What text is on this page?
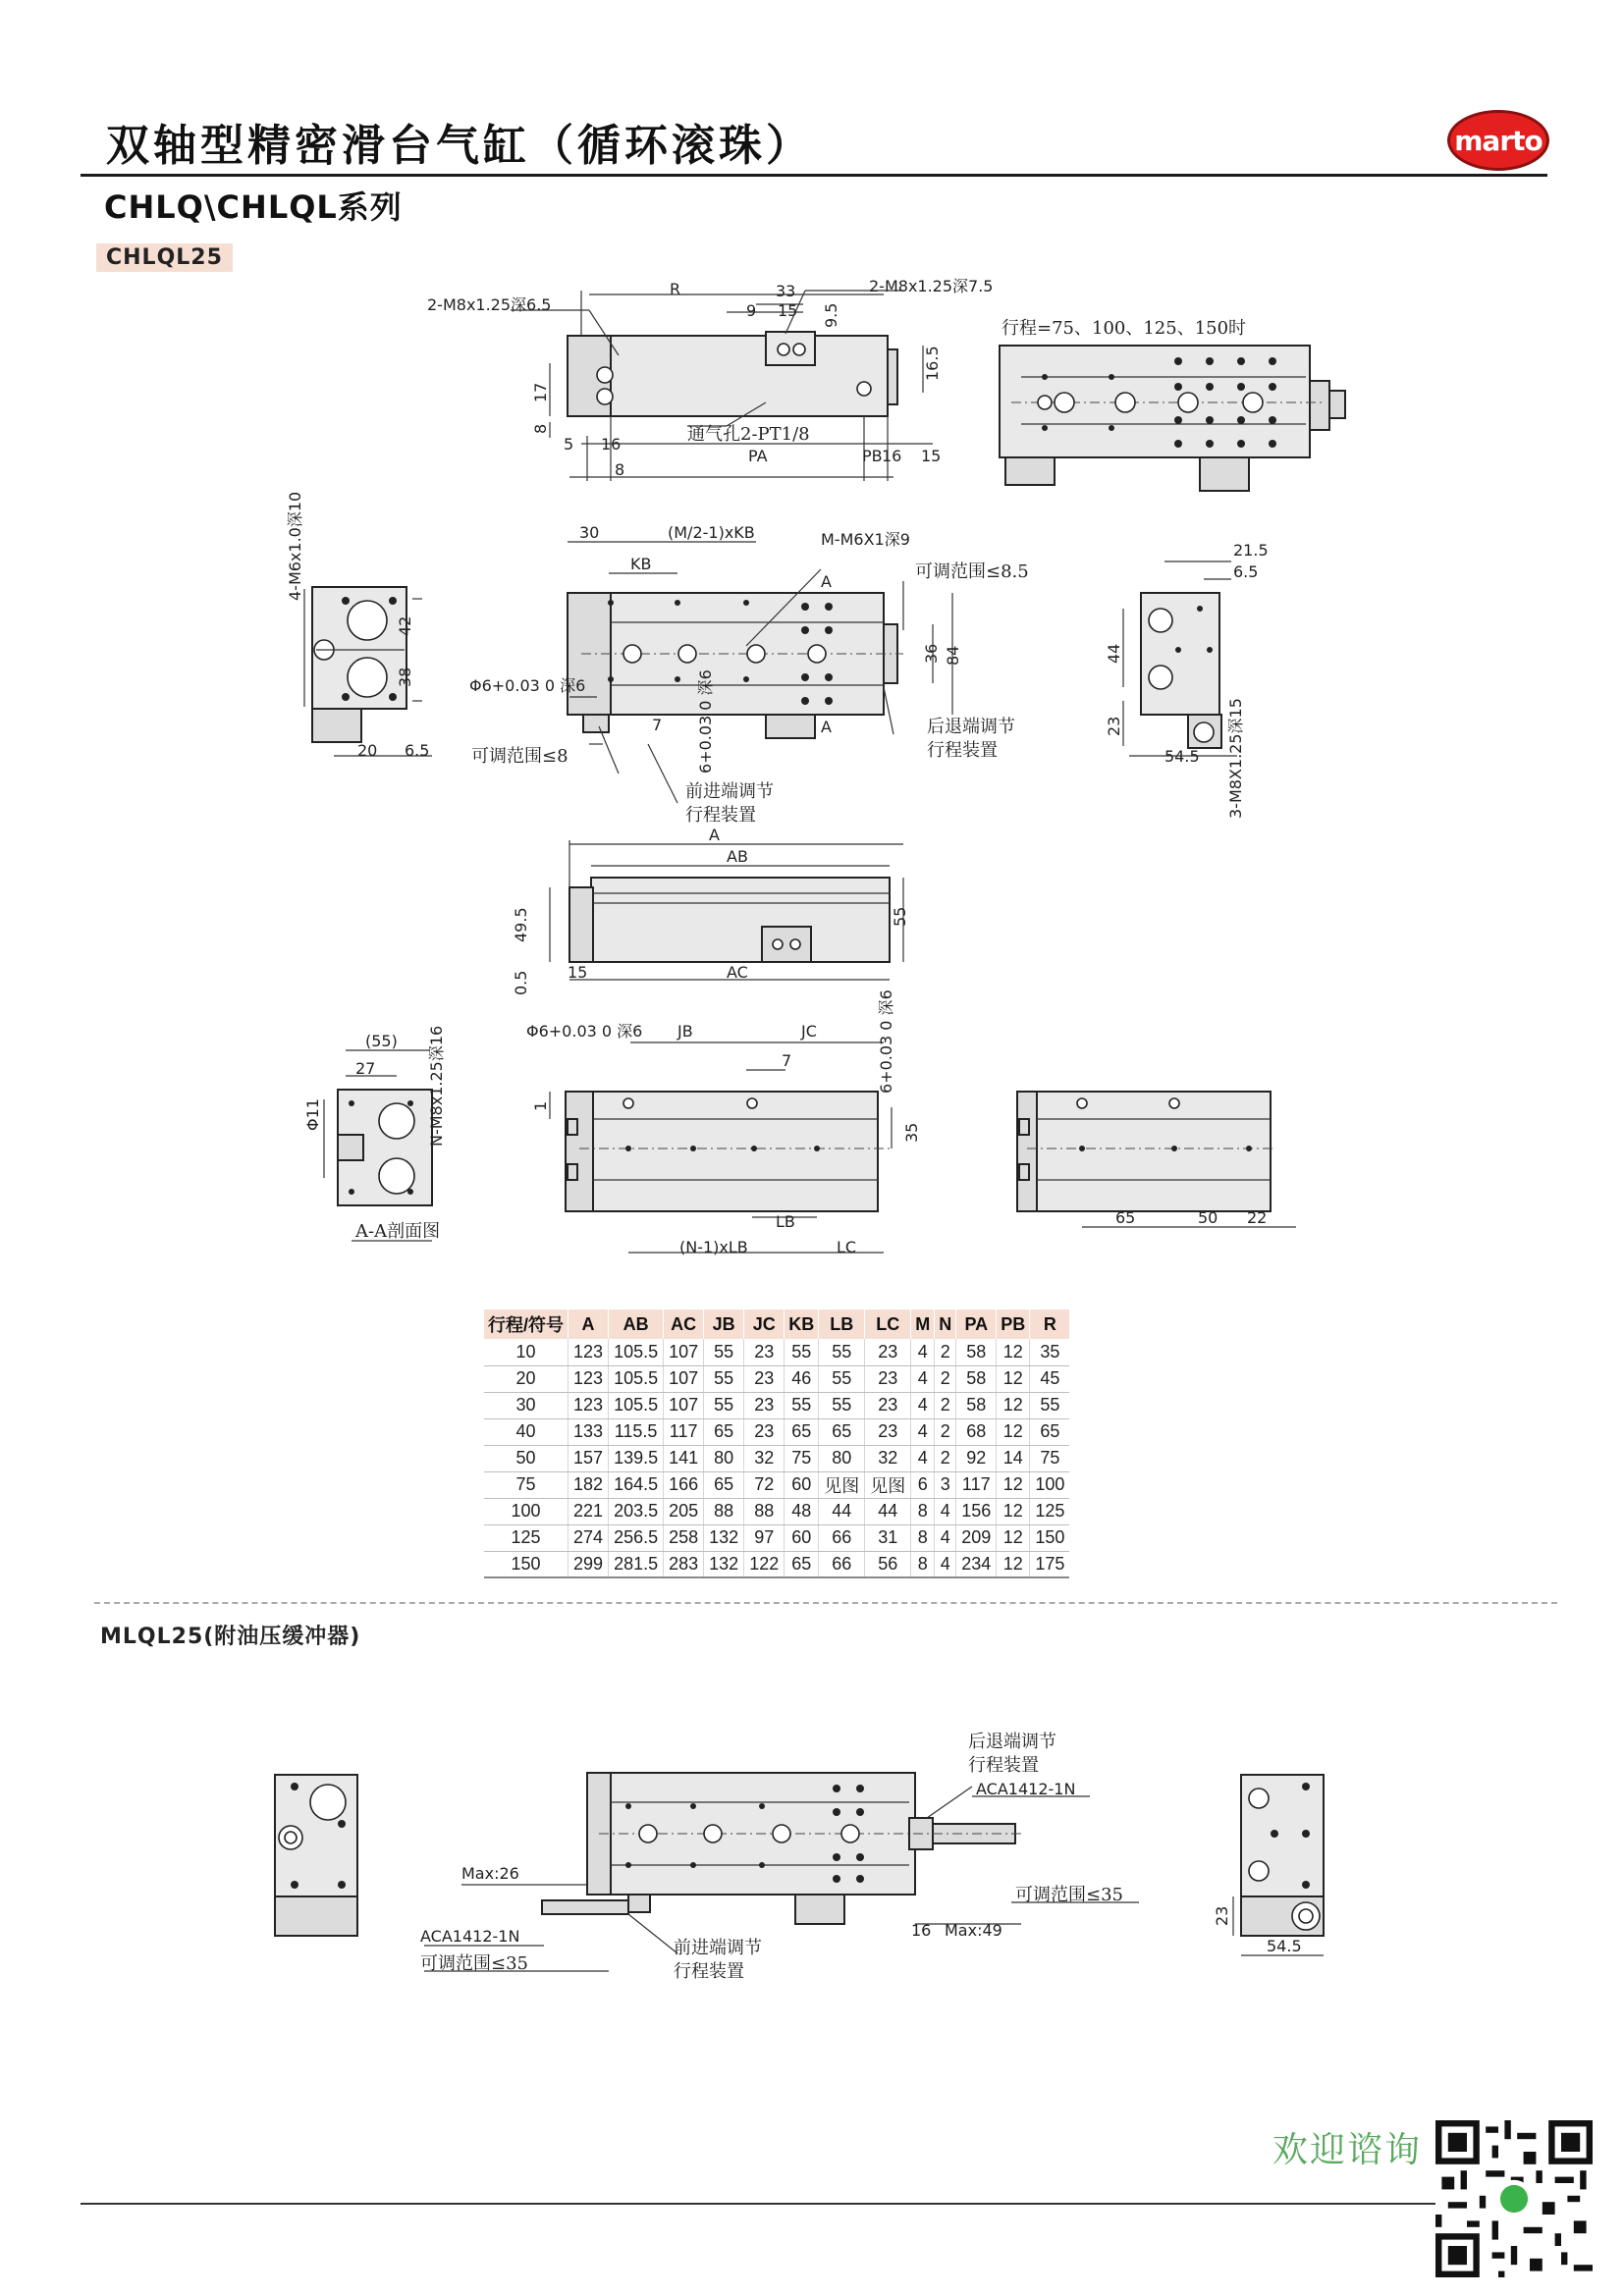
双轴型精密滑台气缸（循环滚珠）	marto
CHLQ\CHLQL系列
CHLQL25
2-M8x1.25深6.5
2-M8x1.25深7.5
R	33
9 15 9.5
16.5
17
8
5 16
8
通气孔2-PT1/8
PA	PB 16 15
行程=75、100、125、150时
4-M6x1.0深10
42
38
20 6.5
30	(M/2-1)xKB	M-M6X1深9
KB
A
A
可调范围≤8.5
36 84
Φ6+0.03 0 深6
7 6+0.03 0 深6
可调范围≤8
前进端调节
行程装置
后退端调节
行程装置
21.5
6.5
44
23
54.5 3-M8X1.25深15
A
AB
AC
15
49.5	55
0.5
(55)
27
Φ11	N-M8x1.25深16
A-A剖面图
Φ6+0.03 0 深6 JB	JC
7	6+0.03 0 深6
35
1
LB
(N-1)xLB	LC
65	50 22
行程/符号	A	AB	AC	JB	JC	KB	LB	LC	M	N	PA	PB	R
10	123	105.5	107	55	23	55	55	23	4	2	58	12	35
20	123	105.5	107	55	23	46	55	23	4	2	58	12	45
30	123	105.5	107	55	23	55	55	23	4	2	58	12	55
40	133	115.5	117	65	23	65	65	23	4	2	68	12	65
50	157	139.5	141	80	32	75	80	32	4	2	92	14	75
75	182	164.5	166	65	72	60	见图	见图	6	3	117	12	100
100	221	203.5	205	88	88	48	44	44	8	4	156	12	125
125	274	256.5	258	132	97	60	66	31	8	4	209	12	150
150	299	281.5	283	132	122	65	66	56	8	4	234	12	175
MLQL25(附油压缓冲器)
Max:26
ACA1412-1N
可调范围≤35
前进端调节
行程装置
后退端调节
行程装置
ACA1412-1N
可调范围≤35
16 Max:49
23
54.5
欢迎谘询
